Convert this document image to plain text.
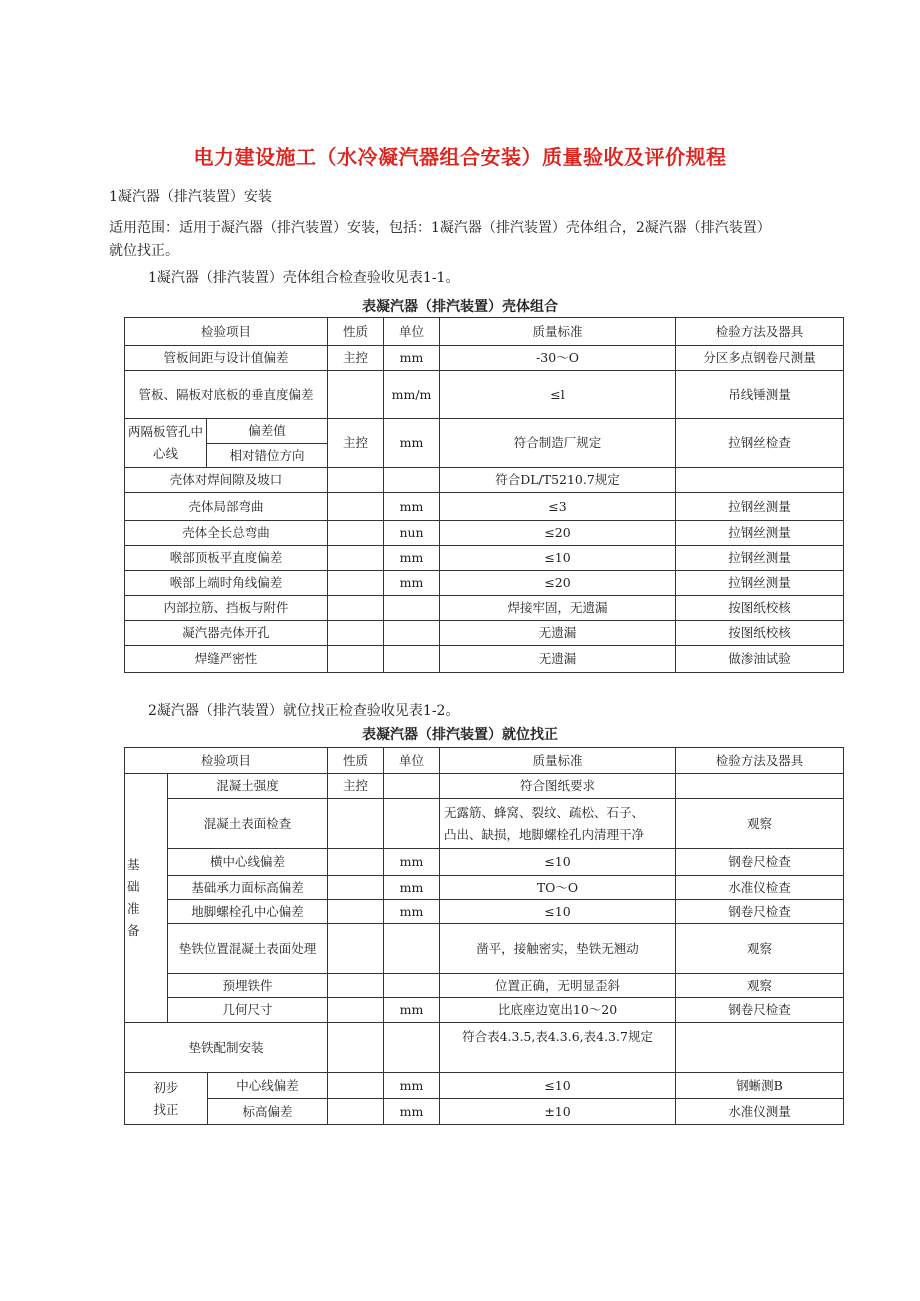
电力建设施工（水冷凝汽器组合安装）质量验收及评价规程
1凝汽器（排汽装置）安装
适用范围：适用于凝汽器（排汽装置）安装，包括：1凝汽器（排汽装置）壳体组合，2凝汽器（排汽装置）
就位找正。
1凝汽器（排汽装置）壳体组合检查验收见表1-1。
表凝汽器（排汽装置）壳体组合
检验项目		性质	单位	质量标准	检验方法及器具
管板间距与设计值偏差		主控	mm	-30～O	分区多点钢卷尺测量
管板、隔板对底板的垂直度偏差			mm/m	≤l	吊线锤测量

两隔板管孔中心线	偏差值	主控	mm	符合制造厂规定	拉钢丝检查
	相对错位方向				
壳体对焊间隙及坡口				符合DL/T5210.7规定	
壳体局部弯曲			mm	≤3	拉钢丝测量
壳体全长总弯曲			nun	≤20	拉钢丝测量
喉部顶板平直度偏差			mm	≤10	拉钢丝测量
喉部上端时角线偏差			mm	≤20	拉钢丝测量
内部拉筋、挡板与附件				焊接牢固，无遗漏	按图纸校核
凝汽器壳体开孔				无遗漏	按图纸校核
焊缝严密性				无遗漏	做渗油试验
2凝汽器（排汽装置）就位找正检查验收见表1-2。
表凝汽器（排汽装置）就位找正
检验项目			性质	单位	质量标准	检验方法及器具

基
础
准
备	混凝土强度		主控		符合图纸要求	
	混凝土表面检查				无露筋、蜂窝、裂纹、疏松、石子、
凸出、缺损，地脚螺栓孔内清理干净	观察
	横中心线偏差			mm	≤10	钢卷尺检查
	基础承力面标高偏差			mm	TO～O	水准仪检查
	地脚螺栓孔中心偏差			mm	≤10	钢卷尺检查
	垫铁位置混凝土表面处理				凿平，接触密实，垫铁无翘动	观察
	预埋铁件				位置正确，无明显歪斜	观察
	几何尺寸			mm	比底座边宽出10～20	钢卷尺检查
垫铁配制安装					符合表4.3.5,表4.3.6,表4.3.7规定	

初步
找正		中心线偏差		mm	≤10	钢蜥测B
		标高偏差		mm	±10	水准仪测量
